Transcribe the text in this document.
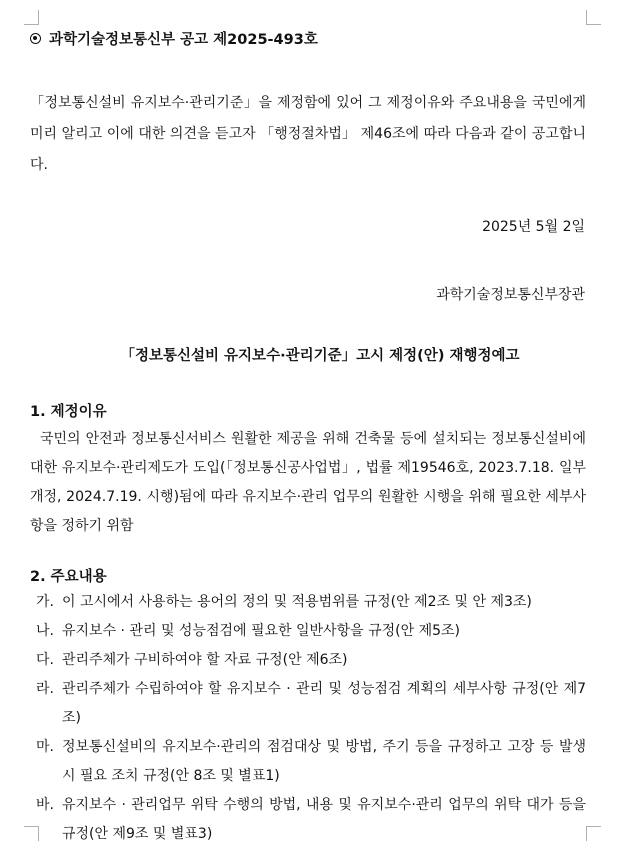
과학기술정보통신부 공고 제2025-493호
「정보통신설비 유지보수·관리기준」을 제정함에 있어 그 제정이유와 주요내용을 국민에게 미리 알리고 이에 대한 의견을 듣고자 「행정절차법」 제46조에 따라 다음과 같이 공고합니다.
2025년 5월 2일
과학기술정보통신부장관
「정보통신설비 유지보수·관리기준」고시 제정(안) 재행정예고
1. 제정이유
국민의 안전과 정보통신서비스 원활한 제공을 위해 건축물 등에 설치되는 정보통신설비에 대한 유지보수·관리제도가 도입(「정보통신공사업법」, 법률 제19546호, 2023.7.18. 일부개정, 2024.7.19. 시행)됨에 따라 유지보수·관리 업무의 원활한 시행을 위해 필요한 세부사항을 정하기 위함
2. 주요내용
가. 이 고시에서 사용하는 용어의 정의 및 적용범위를 규정(안 제2조 및 안 제3조)
나. 유지보수 · 관리 및 성능점검에 필요한 일반사항을 규정(안 제5조)
다. 관리주체가 구비하여야 할 자료 규정(안 제6조)
라. 관리주체가 수립하여야 할 유지보수 · 관리 및 성능점검 계획의 세부사항 규정(안 제7조)
마. 정보통신설비의 유지보수·관리의 점검대상 및 방법, 주기 등을 규정하고 고장 등 발생 시 필요 조치 규정(안 8조 및 별표1)
바. 유지보수 · 관리업무 위탁 수행의 방법, 내용 및 유지보수·관리 업무의 위탁 대가 등을 규정(안 제9조 및 별표3)
